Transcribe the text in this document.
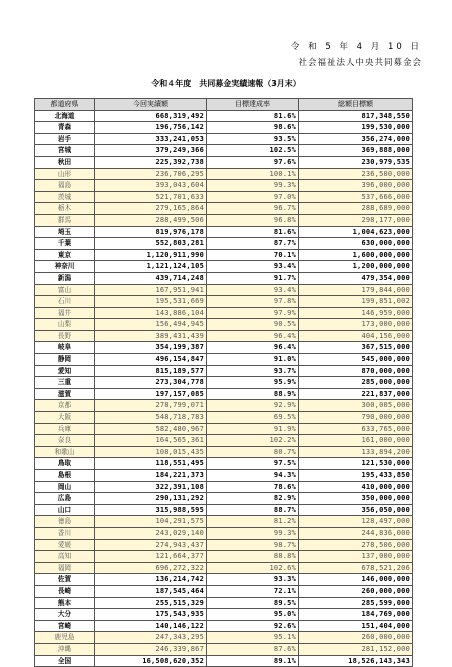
令 和 5 年 4 月 10 日
社会福祉法人中央共同募金会
令和４年度　共同募金実績速報（3月末）
都道府県	今回実績額	目標達成率	総額目標額
北海道	668,319,492	81.6%	817,348,550
青森	196,756,142	98.6%	199,530,000
岩手	333,241,053	93.5%	356,274,000
宮城	379,249,366	102.5%	369,888,000
秋田	225,392,738	97.6%	230,979,535
山形	236,706,295	100.1%	236,500,000
福島	393,043,604	99.3%	396,000,000
茨城	521,701,633	97.0%	537,666,000
栃木	279,165,864	96.7%	288,689,000
群馬	288,499,506	96.8%	298,177,000
埼玉	819,976,178	81.6%	1,004,623,000
千葉	552,803,281	87.7%	630,000,000
東京	1,120,911,990	70.1%	1,600,000,000
神奈川	1,121,124,105	93.4%	1,200,000,000
新潟	439,714,248	91.7%	479,354,000
富山	167,951,941	93.4%	179,844,000
石川	195,531,669	97.8%	199,851,002
福井	143,886,104	97.9%	146,959,000
山梨	156,494,945	90.5%	173,000,000
長野	389,431,439	96.4%	404,156,000
岐阜	354,199,387	96.4%	367,515,000
静岡	496,154,847	91.0%	545,000,000
愛知	815,189,577	93.7%	870,000,000
三重	273,304,778	95.9%	285,000,000
滋賀	197,157,085	88.9%	221,837,000
京都	278,799,071	92.9%	300,005,000
大阪	548,718,783	69.5%	790,000,000
兵庫	582,480,967	91.9%	633,765,000
奈良	164,565,361	102.2%	161,000,000
和歌山	108,015,435	80.7%	133,894,200
鳥取	118,551,495	97.5%	121,530,000
島根	184,221,373	94.3%	195,433,850
岡山	322,391,108	78.6%	410,000,000
広島	290,131,292	82.9%	350,000,000
山口	315,988,595	88.7%	356,050,000
徳島	104,291,575	81.2%	128,497,000
香川	243,029,140	99.3%	244,836,000
愛媛	274,943,437	98.7%	278,506,000
高知	121,664,377	88.8%	137,000,000
福岡	696,272,322	102.6%	678,521,206
佐賀	136,214,742	93.3%	146,000,000
長崎	187,545,464	72.1%	260,000,000
熊本	255,515,329	89.5%	285,599,000
大分	175,543,935	95.0%	184,769,000
宮崎	140,146,122	92.6%	151,404,000
鹿児島	247,343,295	95.1%	260,000,000
沖縄	246,339,867	87.6%	281,152,000
全国	16,508,620,352	89.1%	18,526,143,343
